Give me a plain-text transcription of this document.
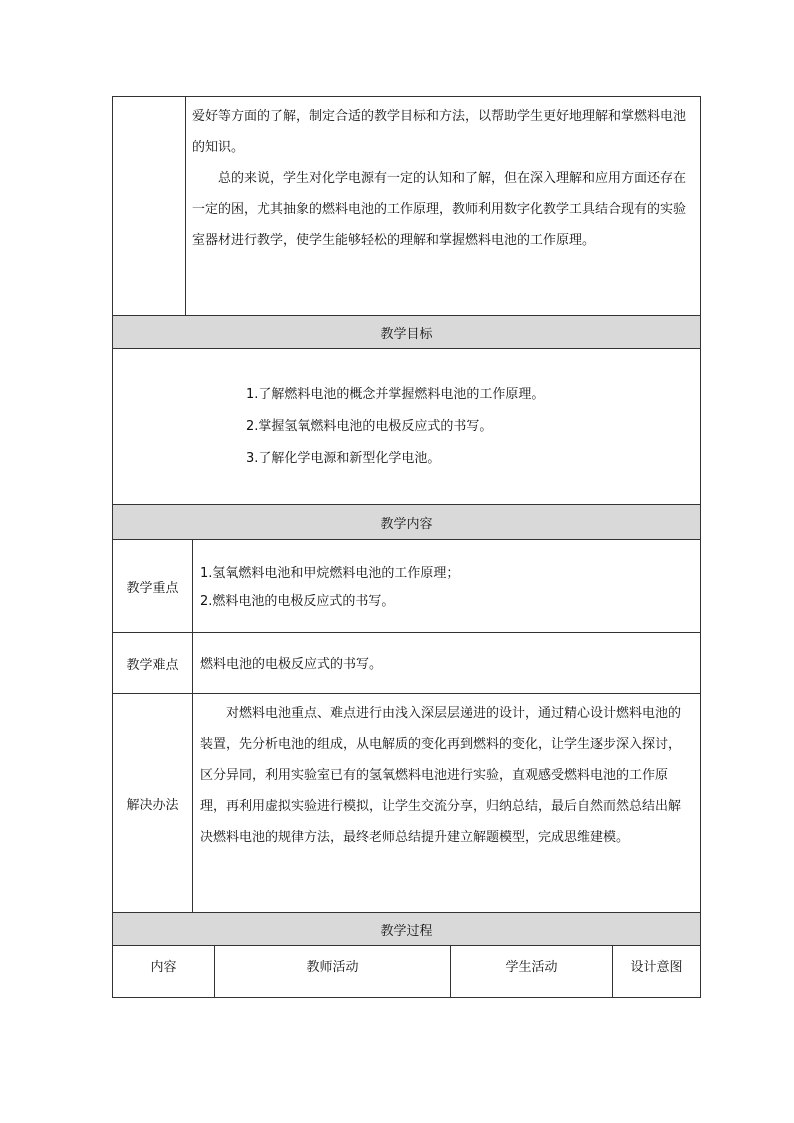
爱好等方面的了解，制定合适的教学目标和方法，以帮助学生更好地理解和掌燃料电池的知识。

总的来说，学生对化学电源有一定的认知和了解，但在深入理解和应用方面还存在一定的困，尤其抽象的燃料电池的工作原理，教师利用数字化教学工具结合现有的实验室器材进行教学，使学生能够轻松的理解和掌握燃料电池的工作原理。

教学目标
1.了解燃料电池的概念并掌握燃料电池的工作原理。
2.掌握氢氧燃料电池的电极反应式的书写。
3.了解化学电源和新型化学电池。
教学内容
教学重点

1.氢氧燃料电池和甲烷燃料电池的工作原理；

2.燃料电池的电极反应式的书写。

教学难点 燃料电池的电极反应式的书写。

解决办法

对燃料电池重点、难点进行由浅入深层层递进的设计，通过精心设计燃料电池的装置，先分析电池的组成，从电解质的变化再到燃料的变化，让学生逐步深入探讨，区分异同，利用实验室已有的氢氧燃料电池进行实验，直观感受燃料电池的工作原理，再利用虚拟实验进行模拟，让学生交流分享，归纳总结，最后自然而然总结出解决燃料电池的规律方法，最终老师总结提升建立解题模型，完成思维建模。

教学过程
内容	教师活动	学生活动	设计意图
